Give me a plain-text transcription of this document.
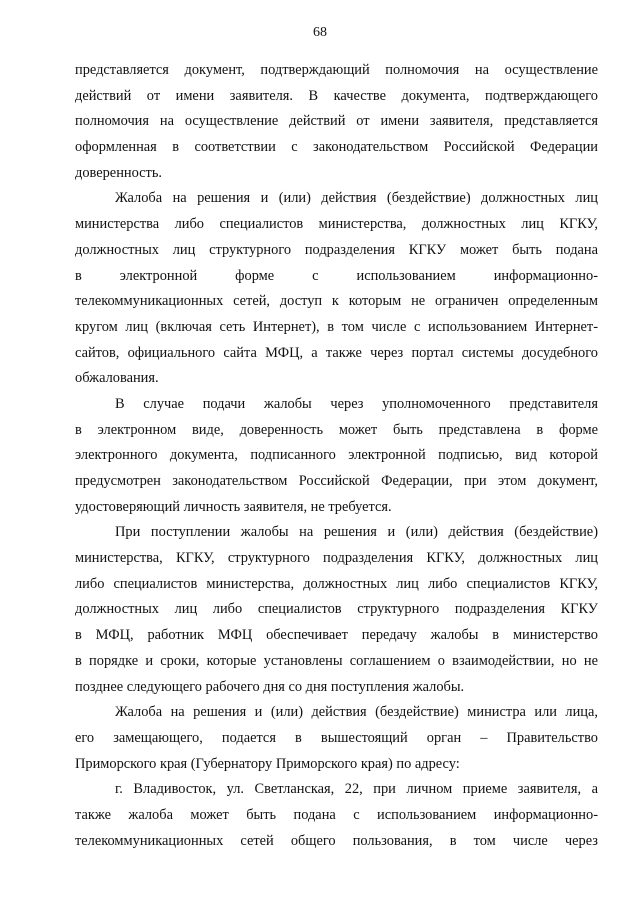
68
представляется документ, подтверждающий полномочия на осуществление
действий от имени заявителя. В качестве документа, подтверждающего
полномочия на осуществление действий от имени заявителя, представляется
оформленная в соответствии с законодательством Российской Федерации
доверенность.
Жалоба на решения и (или) действия (бездействие) должностных лиц
министерства либо специалистов министерства, должностных лиц КГКУ,
должностных лиц структурного подразделения КГКУ может быть подана
в электронной форме с использованием информационно-
телекоммуникационных сетей, доступ к которым не ограничен определенным
кругом лиц (включая сеть Интернет), в том числе с использованием Интернет-
сайтов, официального сайта МФЦ, а также через портал системы досудебного
обжалования.
В случае подачи жалобы через уполномоченного представителя
в электронном виде, доверенность может быть представлена в форме
электронного документа, подписанного электронной подписью, вид которой
предусмотрен законодательством Российской Федерации, при этом документ,
удостоверяющий личность заявителя, не требуется.
При поступлении жалобы на решения и (или) действия (бездействие)
министерства, КГКУ, структурного подразделения КГКУ, должностных лиц
либо специалистов министерства, должностных лиц либо специалистов КГКУ,
должностных лиц либо специалистов структурного подразделения КГКУ
в МФЦ, работник МФЦ обеспечивает передачу жалобы в министерство
в порядке и сроки, которые установлены соглашением о взаимодействии, но не
позднее следующего рабочего дня со дня поступления жалобы.
Жалоба на решения и (или) действия (бездействие) министра или лица,
его замещающего, подается в вышестоящий орган – Правительство
Приморского края (Губернатору Приморского края) по адресу:
г. Владивосток, ул. Светланская, 22, при личном приеме заявителя, а
также жалоба может быть подана с использованием информационно-
телекоммуникационных сетей общего пользования, в том числе через
